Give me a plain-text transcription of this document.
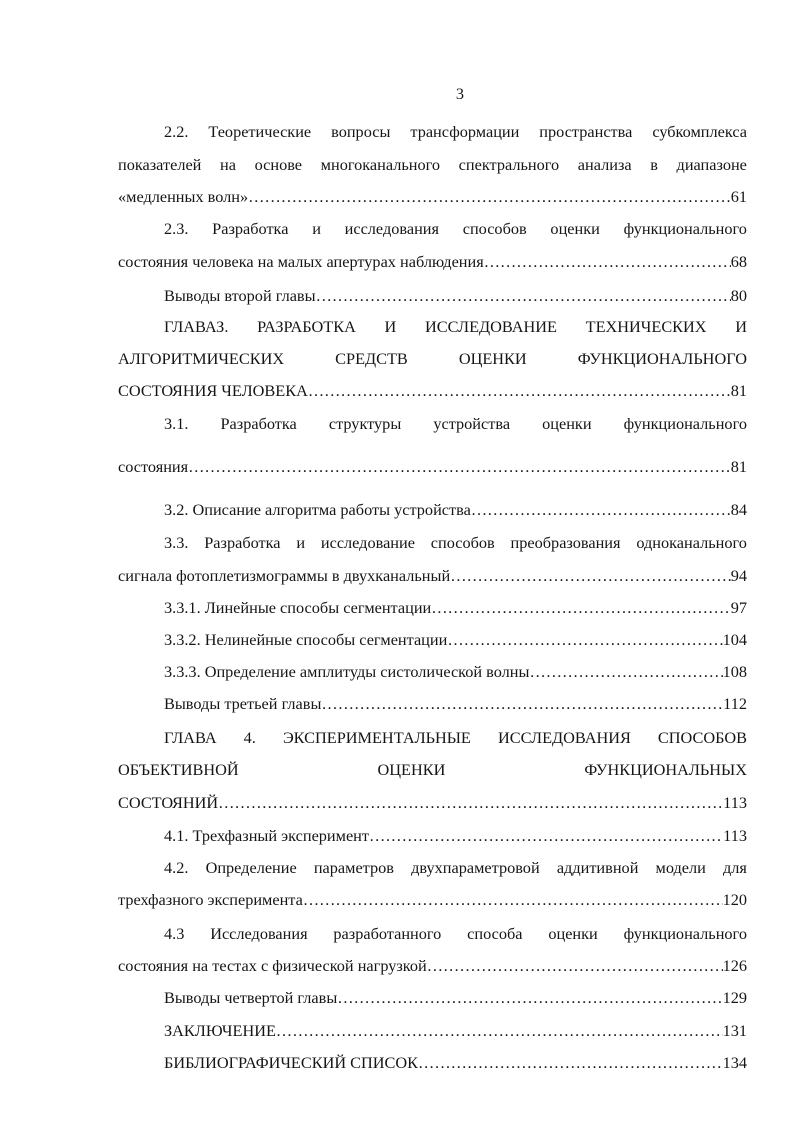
3
2.2. Теоретические вопросы трансформации пространства субкомплекса
показателей на основе многоканального спектрального анализа в диапазоне
«медленных волн» ……………………………………………………………………………………………………………………………………………………………………	61
2.3. Разработка и исследования способов оценки функционального
состояния человека на малых апертурах наблюдения ……………………………………………………………………………………………………………………………………………………………………	68
Выводы второй главы ……………………………………………………………………………………………………………………………………………………………………	80
ГЛАВАЗ. РАЗРАБОТКА И ИССЛЕДОВАНИЕ ТЕХНИЧЕСКИХ И
АЛГОРИТМИЧЕСКИХ	СРЕДСТВ	ОЦЕНКИ	ФУНКЦИОНАЛЬНОГО
СОСТОЯНИЯ ЧЕЛОВЕКА ……………………………………………………………………………………………………………………………………………………………………	81
3.1. Разработка структуры устройства оценки функционального
состояния ……………………………………………………………………………………………………………………………………………………………………	81
3.2. Описание алгоритма работы устройства ……………………………………………………………………………………………………………………………………………………………………	84
3.3. Разработка и исследование способов преобразования одноканального
сигнала фотоплетизмограммы в двухканальный ……………………………………………………………………………………………………………………………………………………………………	94
3.3.1. Линейные способы сегментации ……………………………………………………………………………………………………………………………………………………………………	97
3.3.2. Нелинейные способы сегментации ……………………………………………………………………………………………………………………………………………………………………	104
3.3.3. Определение амплитуды систолической волны ……………………………………………………………………………………………………………………………………………………………………	108
Выводы третьей главы ……………………………………………………………………………………………………………………………………………………………………	112
ГЛАВА 4. ЭКСПЕРИМЕНТАЛЬНЫЕ ИССЛЕДОВАНИЯ СПОСОБОВ
ОБЪЕКТИВНОЙ	ОЦЕНКИ	ФУНКЦИОНАЛЬНЫХ
СОСТОЯНИЙ ……………………………………………………………………………………………………………………………………………………………………	113
4.1. Трехфазный эксперимент ……………………………………………………………………………………………………………………………………………………………………	113
4.2. Определение параметров двухпараметровой аддитивной модели для
трехфазного эксперимента ……………………………………………………………………………………………………………………………………………………………………	120
4.3 Исследования разработанного способа оценки функционального
состояния на тестах с физической нагрузкой ……………………………………………………………………………………………………………………………………………………………………	126
Выводы четвертой главы ……………………………………………………………………………………………………………………………………………………………………	129
ЗАКЛЮЧЕНИЕ ……………………………………………………………………………………………………………………………………………………………………	131
БИБЛИОГРАФИЧЕСКИЙ СПИСОК ……………………………………………………………………………………………………………………………………………………………………	134
